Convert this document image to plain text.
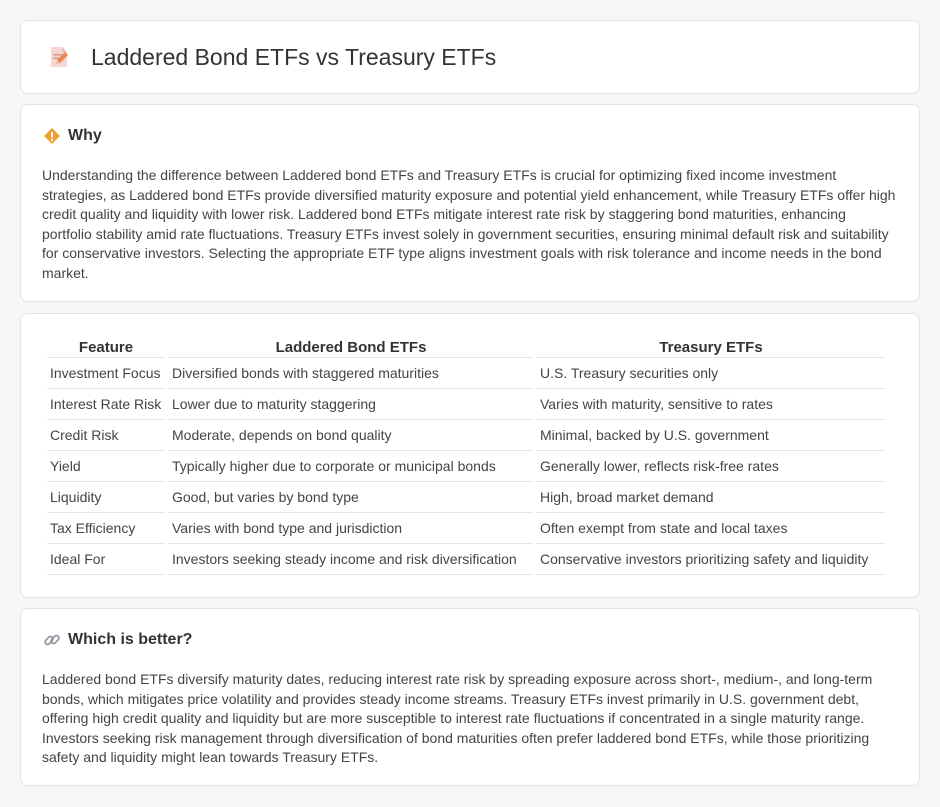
Laddered Bond ETFs vs Treasury ETFs
Why

Understanding the difference between Laddered bond ETFs and Treasury ETFs is crucial for optimizing fixed income investment strategies, as Laddered bond ETFs provide diversified maturity exposure and potential yield enhancement, while Treasury ETFs offer high credit quality and liquidity with lower risk. Laddered bond ETFs mitigate interest rate risk by staggering bond maturities, enhancing portfolio stability amid rate fluctuations. Treasury ETFs invest solely in government securities, ensuring minimal default risk and suitability for conservative investors. Selecting the appropriate ETF type aligns investment goals with risk tolerance and income needs in the bond market.

Feature	Laddered Bond ETFs	Treasury ETFs
Investment Focus	Diversified bonds with staggered maturities	U.S. Treasury securities only
Interest Rate Risk	Lower due to maturity staggering	Varies with maturity, sensitive to rates
Credit Risk	Moderate, depends on bond quality	Minimal, backed by U.S. government
Yield	Typically higher due to corporate or municipal bonds	Generally lower, reflects risk-free rates
Liquidity	Good, but varies by bond type	High, broad market demand
Tax Efficiency	Varies with bond type and jurisdiction	Often exempt from state and local taxes
Ideal For	Investors seeking steady income and risk diversification	Conservative investors prioritizing safety and liquidity
Which is better?

Laddered bond ETFs diversify maturity dates, reducing interest rate risk by spreading exposure across short-, medium-, and long-term bonds, which mitigates price volatility and provides steady income streams. Treasury ETFs invest primarily in U.S. government debt, offering high credit quality and liquidity but are more susceptible to interest rate fluctuations if concentrated in a single maturity range. Investors seeking risk management through diversification of bond maturities often prefer laddered bond ETFs, while those prioritizing safety and liquidity might lean towards Treasury ETFs.
